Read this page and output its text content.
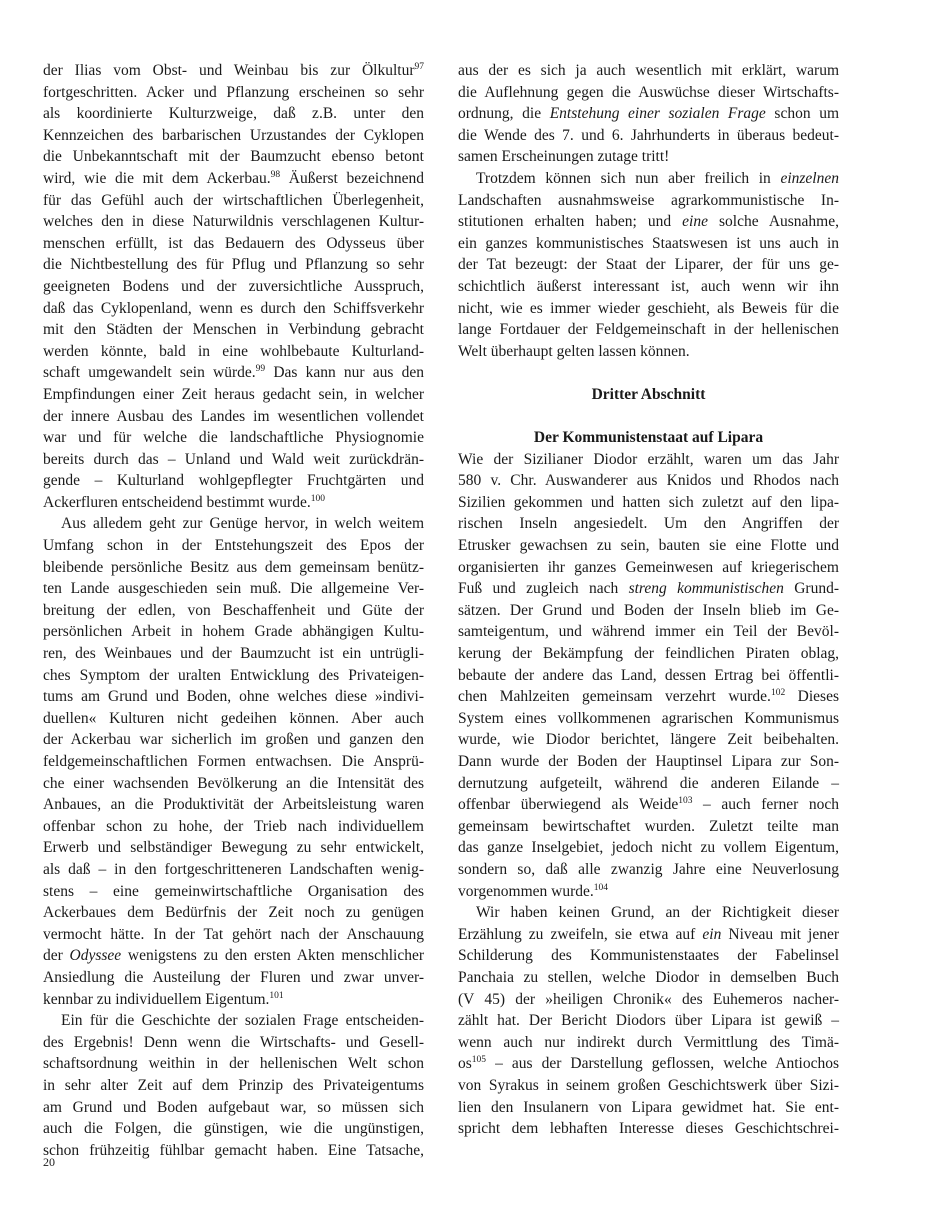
der Ilias vom Obst- und Weinbau bis zur Ölkultur$^{97}$
fortgeschritten. Acker und Pflanzung erscheinen so sehr
als koordinierte Kulturzweige, daß z.B. unter den
Kennzeichen des barbarischen Urzustandes der Cyklopen
die Unbekanntschaft mit der Baumzucht ebenso betont
wird, wie die mit dem Ackerbau.$^{98}$ Äußerst bezeichnend
für das Gefühl auch der wirtschaftlichen Überlegenheit,
welches den in diese Naturwildnis verschlagenen Kultur-
menschen erfüllt, ist das Bedauern des Odysseus über
die Nichtbestellung des für Pflug und Pflanzung so sehr
geeigneten Bodens und der zuversichtliche Ausspruch,
daß das Cyklopenland, wenn es durch den Schiffsverkehr
mit den Städten der Menschen in Verbindung gebracht
werden könnte, bald in eine wohlbebaute Kulturland-
schaft umgewandelt sein würde.$^{99}$ Das kann nur aus den
Empfindungen einer Zeit heraus gedacht sein, in welcher
der innere Ausbau des Landes im wesentlichen vollendet
war und für welche die landschaftliche Physiognomie
bereits durch das – Unland und Wald weit zurückdrän-
gende – Kulturland wohlgepflegter Fruchtgärten und
Ackerfluren entscheidend bestimmt wurde.$^{100}$
Aus alledem geht zur Genüge hervor, in welch weitem
Umfang schon in der Entstehungszeit des Epos der
bleibende persönliche Besitz aus dem gemeinsam benütz-
ten Lande ausgeschieden sein muß. Die allgemeine Ver-
breitung der edlen, von Beschaffenheit und Güte der
persönlichen Arbeit in hohem Grade abhängigen Kultu-
ren, des Weinbaues und der Baumzucht ist ein untrügli-
ches Symptom der uralten Entwicklung des Privateigen-
tums am Grund und Boden, ohne welches diese »indivi-
duellen« Kulturen nicht gedeihen können. Aber auch
der Ackerbau war sicherlich im großen und ganzen den
feldgemeinschaftlichen Formen entwachsen. Die Ansprü-
che einer wachsenden Bevölkerung an die Intensität des
Anbaues, an die Produktivität der Arbeitsleistung waren
offenbar schon zu hohe, der Trieb nach individuellem
Erwerb und selbständiger Bewegung zu sehr entwickelt,
als daß – in den fortgeschritteneren Landschaften wenig-
stens – eine gemeinwirtschaftliche Organisation des
Ackerbaues dem Bedürfnis der Zeit noch zu genügen
vermocht hätte. In der Tat gehört nach der Anschauung
der Odyssee wenigstens zu den ersten Akten menschlicher
Ansiedlung die Austeilung der Fluren und zwar unver-
kennbar zu individuellem Eigentum.$^{101}$
Ein für die Geschichte der sozialen Frage entscheiden-
des Ergebnis! Denn wenn die Wirtschafts- und Gesell-
schaftsordnung weithin in der hellenischen Welt schon
in sehr alter Zeit auf dem Prinzip des Privateigentums
am Grund und Boden aufgebaut war, so müssen sich
auch die Folgen, die günstigen, wie die ungünstigen,
schon frühzeitig fühlbar gemacht haben. Eine Tatsache,
aus der es sich ja auch wesentlich mit erklärt, warum
die Auflehnung gegen die Auswüchse dieser Wirtschafts-
ordnung, die Entstehung einer sozialen Frage schon um
die Wende des 7. und 6. Jahrhunderts in überaus bedeut-
samen Erscheinungen zutage tritt!
Trotzdem können sich nun aber freilich in einzelnen
Landschaften ausnahmsweise agrarkommunistische In-
stitutionen erhalten haben; und eine solche Ausnahme,
ein ganzes kommunistisches Staatswesen ist uns auch in
der Tat bezeugt: der Staat der Liparer, der für uns ge-
schichtlich äußerst interessant ist, auch wenn wir ihn
nicht, wie es immer wieder geschieht, als Beweis für die
lange Fortdauer der Feldgemeinschaft in der hellenischen
Welt überhaupt gelten lassen können.
Dritter Abschnitt
Der Kommunistenstaat auf Lipara
Wie der Sizilianer Diodor erzählt, waren um das Jahr
580 v. Chr. Auswanderer aus Knidos und Rhodos nach
Sizilien gekommen und hatten sich zuletzt auf den lipa-
rischen Inseln angesiedelt. Um den Angriffen der
Etrusker gewachsen zu sein, bauten sie eine Flotte und
organisierten ihr ganzes Gemeinwesen auf kriegerischem
Fuß und zugleich nach streng kommunistischen Grund-
sätzen. Der Grund und Boden der Inseln blieb im Ge-
samteigentum, und während immer ein Teil der Bevöl-
kerung der Bekämpfung der feindlichen Piraten oblag,
bebaute der andere das Land, dessen Ertrag bei öffentli-
chen Mahlzeiten gemeinsam verzehrt wurde.$^{102}$ Dieses
System eines vollkommenen agrarischen Kommunismus
wurde, wie Diodor berichtet, längere Zeit beibehalten.
Dann wurde der Boden der Hauptinsel Lipara zur Son-
dernutzung aufgeteilt, während die anderen Eilande –
offenbar überwiegend als Weide$^{103}$ – auch ferner noch
gemeinsam bewirtschaftet wurden. Zuletzt teilte man
das ganze Inselgebiet, jedoch nicht zu vollem Eigentum,
sondern so, daß alle zwanzig Jahre eine Neuverlosung
vorgenommen wurde.$^{104}$
Wir haben keinen Grund, an der Richtigkeit dieser
Erzählung zu zweifeln, sie etwa auf ein Niveau mit jener
Schilderung des Kommunistenstaates der Fabelinsel
Panchaia zu stellen, welche Diodor in demselben Buch
(V 45) der »heiligen Chronik« des Euhemeros nacher-
zählt hat. Der Bericht Diodors über Lipara ist gewiß –
wenn auch nur indirekt durch Vermittlung des Timä-
$os^{105}$ – aus der Darstellung geflossen, welche Antiochos
von Syrakus in seinem großen Geschichtswerk über Sizi-
lien den Insulanern von Lipara gewidmet hat. Sie ent-
spricht dem lebhaften Interesse dieses Geschichtschrei-
20
